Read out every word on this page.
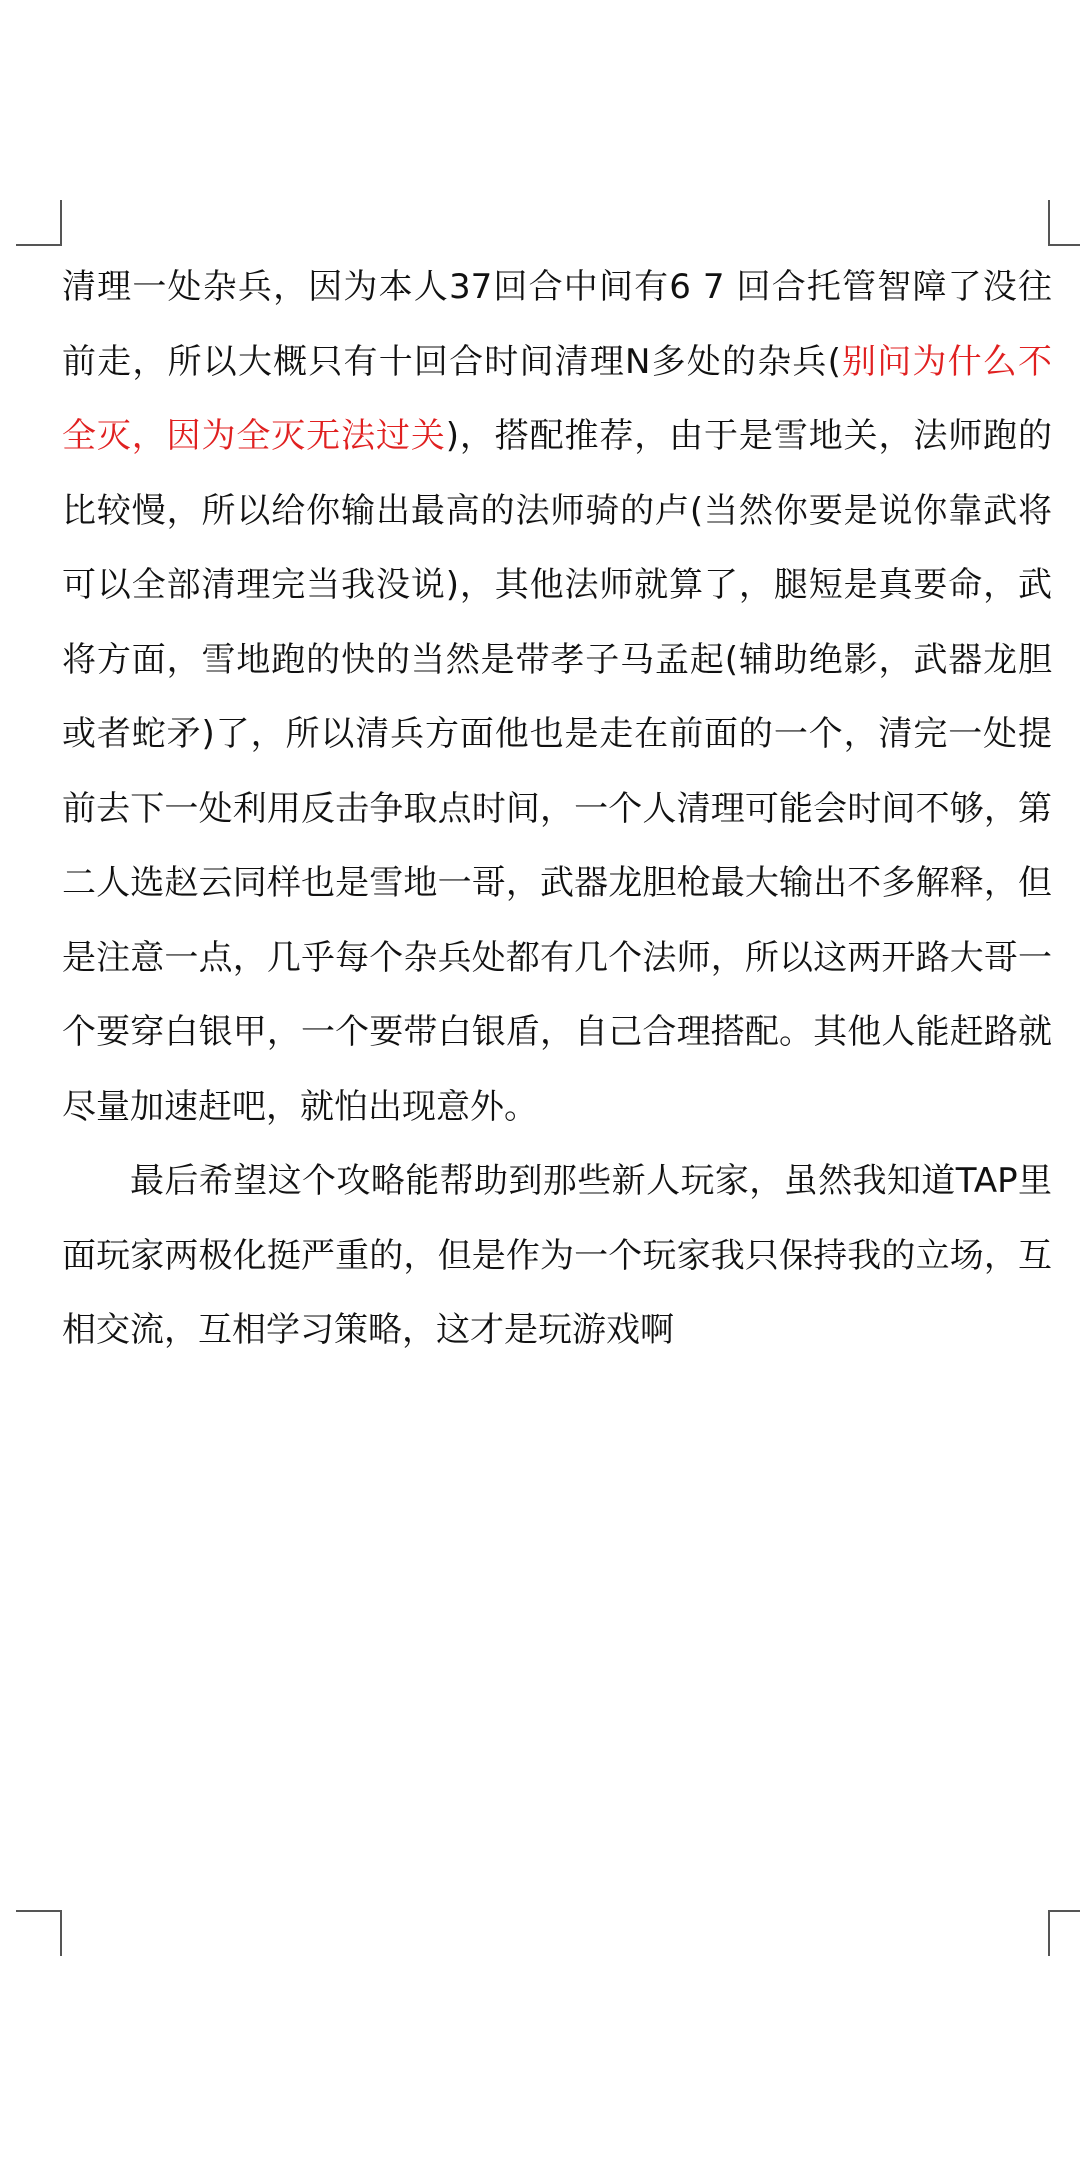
清理一处杂兵，因为本人37回合中间有6 7 回合托管智障了没往前走，所以大概只有十回合时间清理N多处的杂兵(别问为什么不全灭，因为全灭无法过关)，搭配推荐，由于是雪地关，法师跑的比较慢，所以给你输出最高的法师骑的卢(当然你要是说你靠武将可以全部清理完当我没说)，其他法师就算了，腿短是真要命，武将方面，雪地跑的快的当然是带孝子马孟起(辅助绝影，武器龙胆或者蛇矛)了，所以清兵方面他也是走在前面的一个，清完一处提前去下一处利用反击争取点时间，一个人清理可能会时间不够，第二人选赵云同样也是雪地一哥，武器龙胆枪最大输出不多解释，但是注意一点，几乎每个杂兵处都有几个法师，所以这两开路大哥一个要穿白银甲，一个要带白银盾，自己合理搭配。其他人能赶路就尽量加速赶吧，就怕出现意外。

最后希望这个攻略能帮助到那些新人玩家，虽然我知道TAP里面玩家两极化挺严重的，但是作为一个玩家我只保持我的立场，互相交流，互相学习策略，这才是玩游戏啊
